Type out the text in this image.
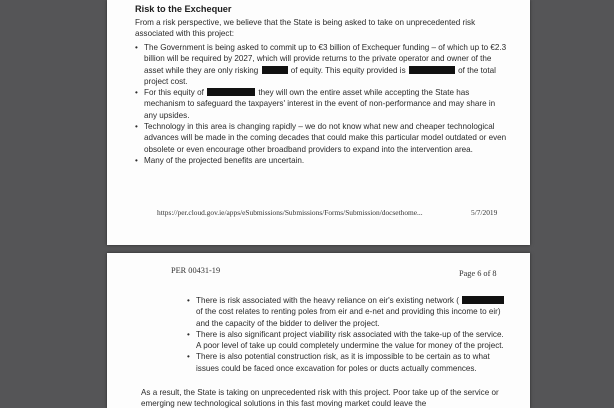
Risk to the Exchequer
From a risk perspective, we believe that the State is being asked to take on unprecedented risk associated with this project:
• The Government is being asked to commit up to €3 billion of Exchequer funding – of which up to €2.3 billion will be required by 2027, which will provide returns to the private operator and owner of the asset while they are only risking	of equity. This equity provided is	of the total project cost.
• For this equity of	they will own the entire asset while accepting the State has mechanism to safeguard the taxpayers' interest in the event of non-performance and may share in any upsides.
• Technology in this area is changing rapidly – we do not know what new and cheaper technological advances will be made in the coming decades that could make this particular model outdated or even obsolete or even encourage other broadband providers to expand into the intervention area.
• Many of the projected benefits are uncertain.
https://per.cloud.gov.ie/apps/eSubmissions/Submissions/Forms/Submission/docsethome...	5/7/2019
PER 00431-19	Page 6 of 8
• There is risk associated with the heavy reliance on eir's existing network (  of the cost relates to renting poles from eir and e-net and providing this income to eir) and the capacity of the bidder to deliver the project.
• There is also significant project viability risk associated with the take-up of the service. A poor level of take up could completely undermine the value for money of the project.
• There is also potential construction risk, as it is impossible to be certain as to what issues could be faced once excavation for poles or ducts actually commences.
As a result, the State is taking on unprecedented risk with this project. Poor take up of the service or emerging new technological solutions in this fast moving market could leave the
